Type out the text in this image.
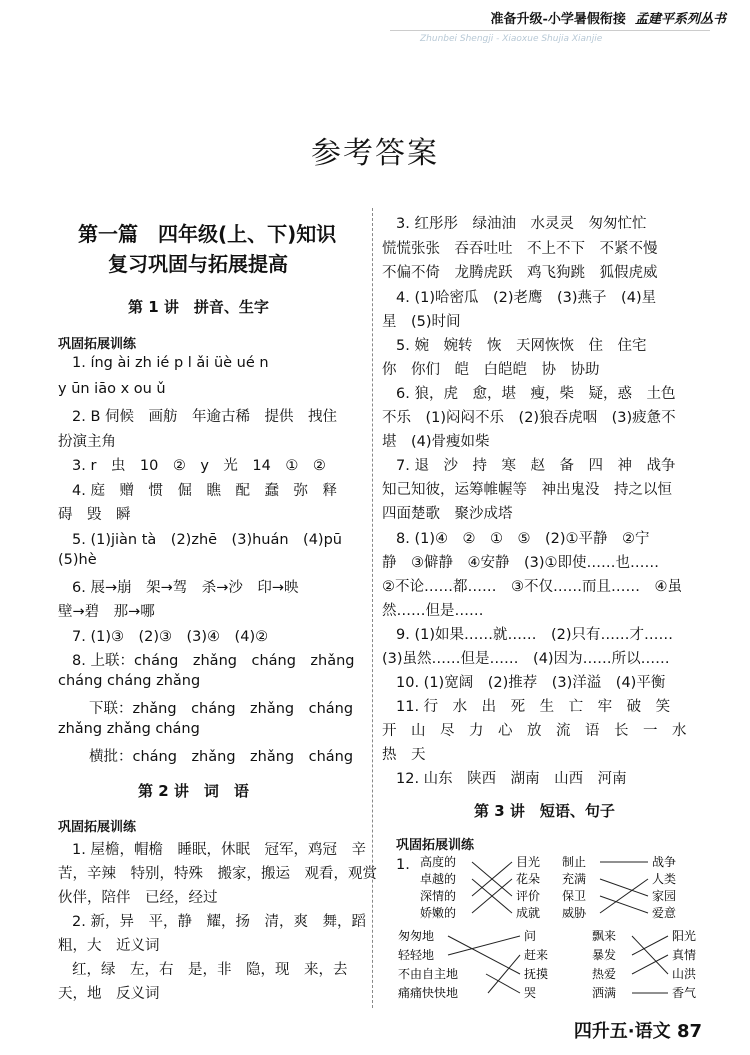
准备升级-小学暑假衔接 孟建平系列丛书
Zhunbei Shengji - Xiaoxue Shujia Xianjie
参考答案
第一篇　四年级(上、下)知识
复习巩固与拓展提高
第 1 讲　拼音、生字
巩固拓展训练
1. íng ài zh ié p l ǎi üè ué n
y ūn iāo x ou ǔ
2. B 伺候　画舫　年逾古稀　提供　拽住
扮演主角
3. r　虫　10　②　y　光　14　①　②
4. 庭　赠　惯　倔　瞧　配　蠢　弥　释
碍　毁　瞬
5. (1)jiàn tà　(2)zhē　(3)huán　(4)pū
(5)hè
6. 展→崩　架→驾　杀→沙　印→映
壁→碧　那→哪
7. (1)③　(2)③　(3)④　(4)②
8. 上联：cháng　zhǎng　cháng　zhǎng
cháng cháng zhǎng
下联：zhǎng　cháng　zhǎng　cháng
zhǎng zhǎng cháng
横批：cháng　zhǎng　zhǎng　cháng
第 2 讲　词　语
巩固拓展训练
1. 屋檐，帽檐　睡眠，休眠　冠军，鸡冠　辛
苦，辛辣　特别，特殊　搬家，搬运　观看，观赏
伙伴，陪伴　已经，经过
2. 新，异　平，静　耀，扬　清，爽　舞，蹈
粗，大　近义词
红，绿　左，右　是，非　隐，现　来，去
天，地　反义词
3. 红彤彤　绿油油　水灵灵　匆匆忙忙
慌慌张张　吞吞吐吐　不上不下　不紧不慢
不偏不倚　龙腾虎跃　鸡飞狗跳　狐假虎威
4. (1)哈密瓜　(2)老鹰　(3)燕子　(4)星
星　(5)时间
5. 婉　婉转　恢　天网恢恢　住　住宅
你　你们　皑　白皑皑　协　协助
6. 狼，虎　愈，堪　瘦，柴　疑，惑　土色
不乐　(1)闷闷不乐　(2)狼吞虎咽　(3)疲惫不
堪　(4)骨瘦如柴
7. 退　沙　持　寒　赵　备　四　神　战争
知己知彼，运筹帷幄等　神出鬼没　持之以恒
四面楚歌　聚沙成塔
8. (1)④　②　①　⑤　(2)①平静　②宁
静　③僻静　④安静　(3)①即使……也……
②不论……都……　③不仅……而且……　④虽
然……但是……
9. (1)如果……就……　(2)只有……才……
(3)虽然……但是……　(4)因为……所以……
10. (1)宽阔　(2)推荐　(3)洋溢　(4)平衡
11. 行　水　出　死　生　亡　牢　破　笑
开　山　尽　力　心　放　流　语　长　一　水
热　天
12. 山东　陕西　湖南　山西　河南
第 3 讲　短语、句子
巩固拓展训练
1. 高度的
卓越的
深情的
娇嫩的
目光
花朵
评价
成就
制止
充满
保卫
威胁
战争
人类
家园
爱意
匆匆地
轻轻地
不由自主地
痛痛快快地
问
赶来
抚摸
哭
飘来
暴发
热爱
洒满
阳光
真情
山洪
香气
四升五·语文 87
